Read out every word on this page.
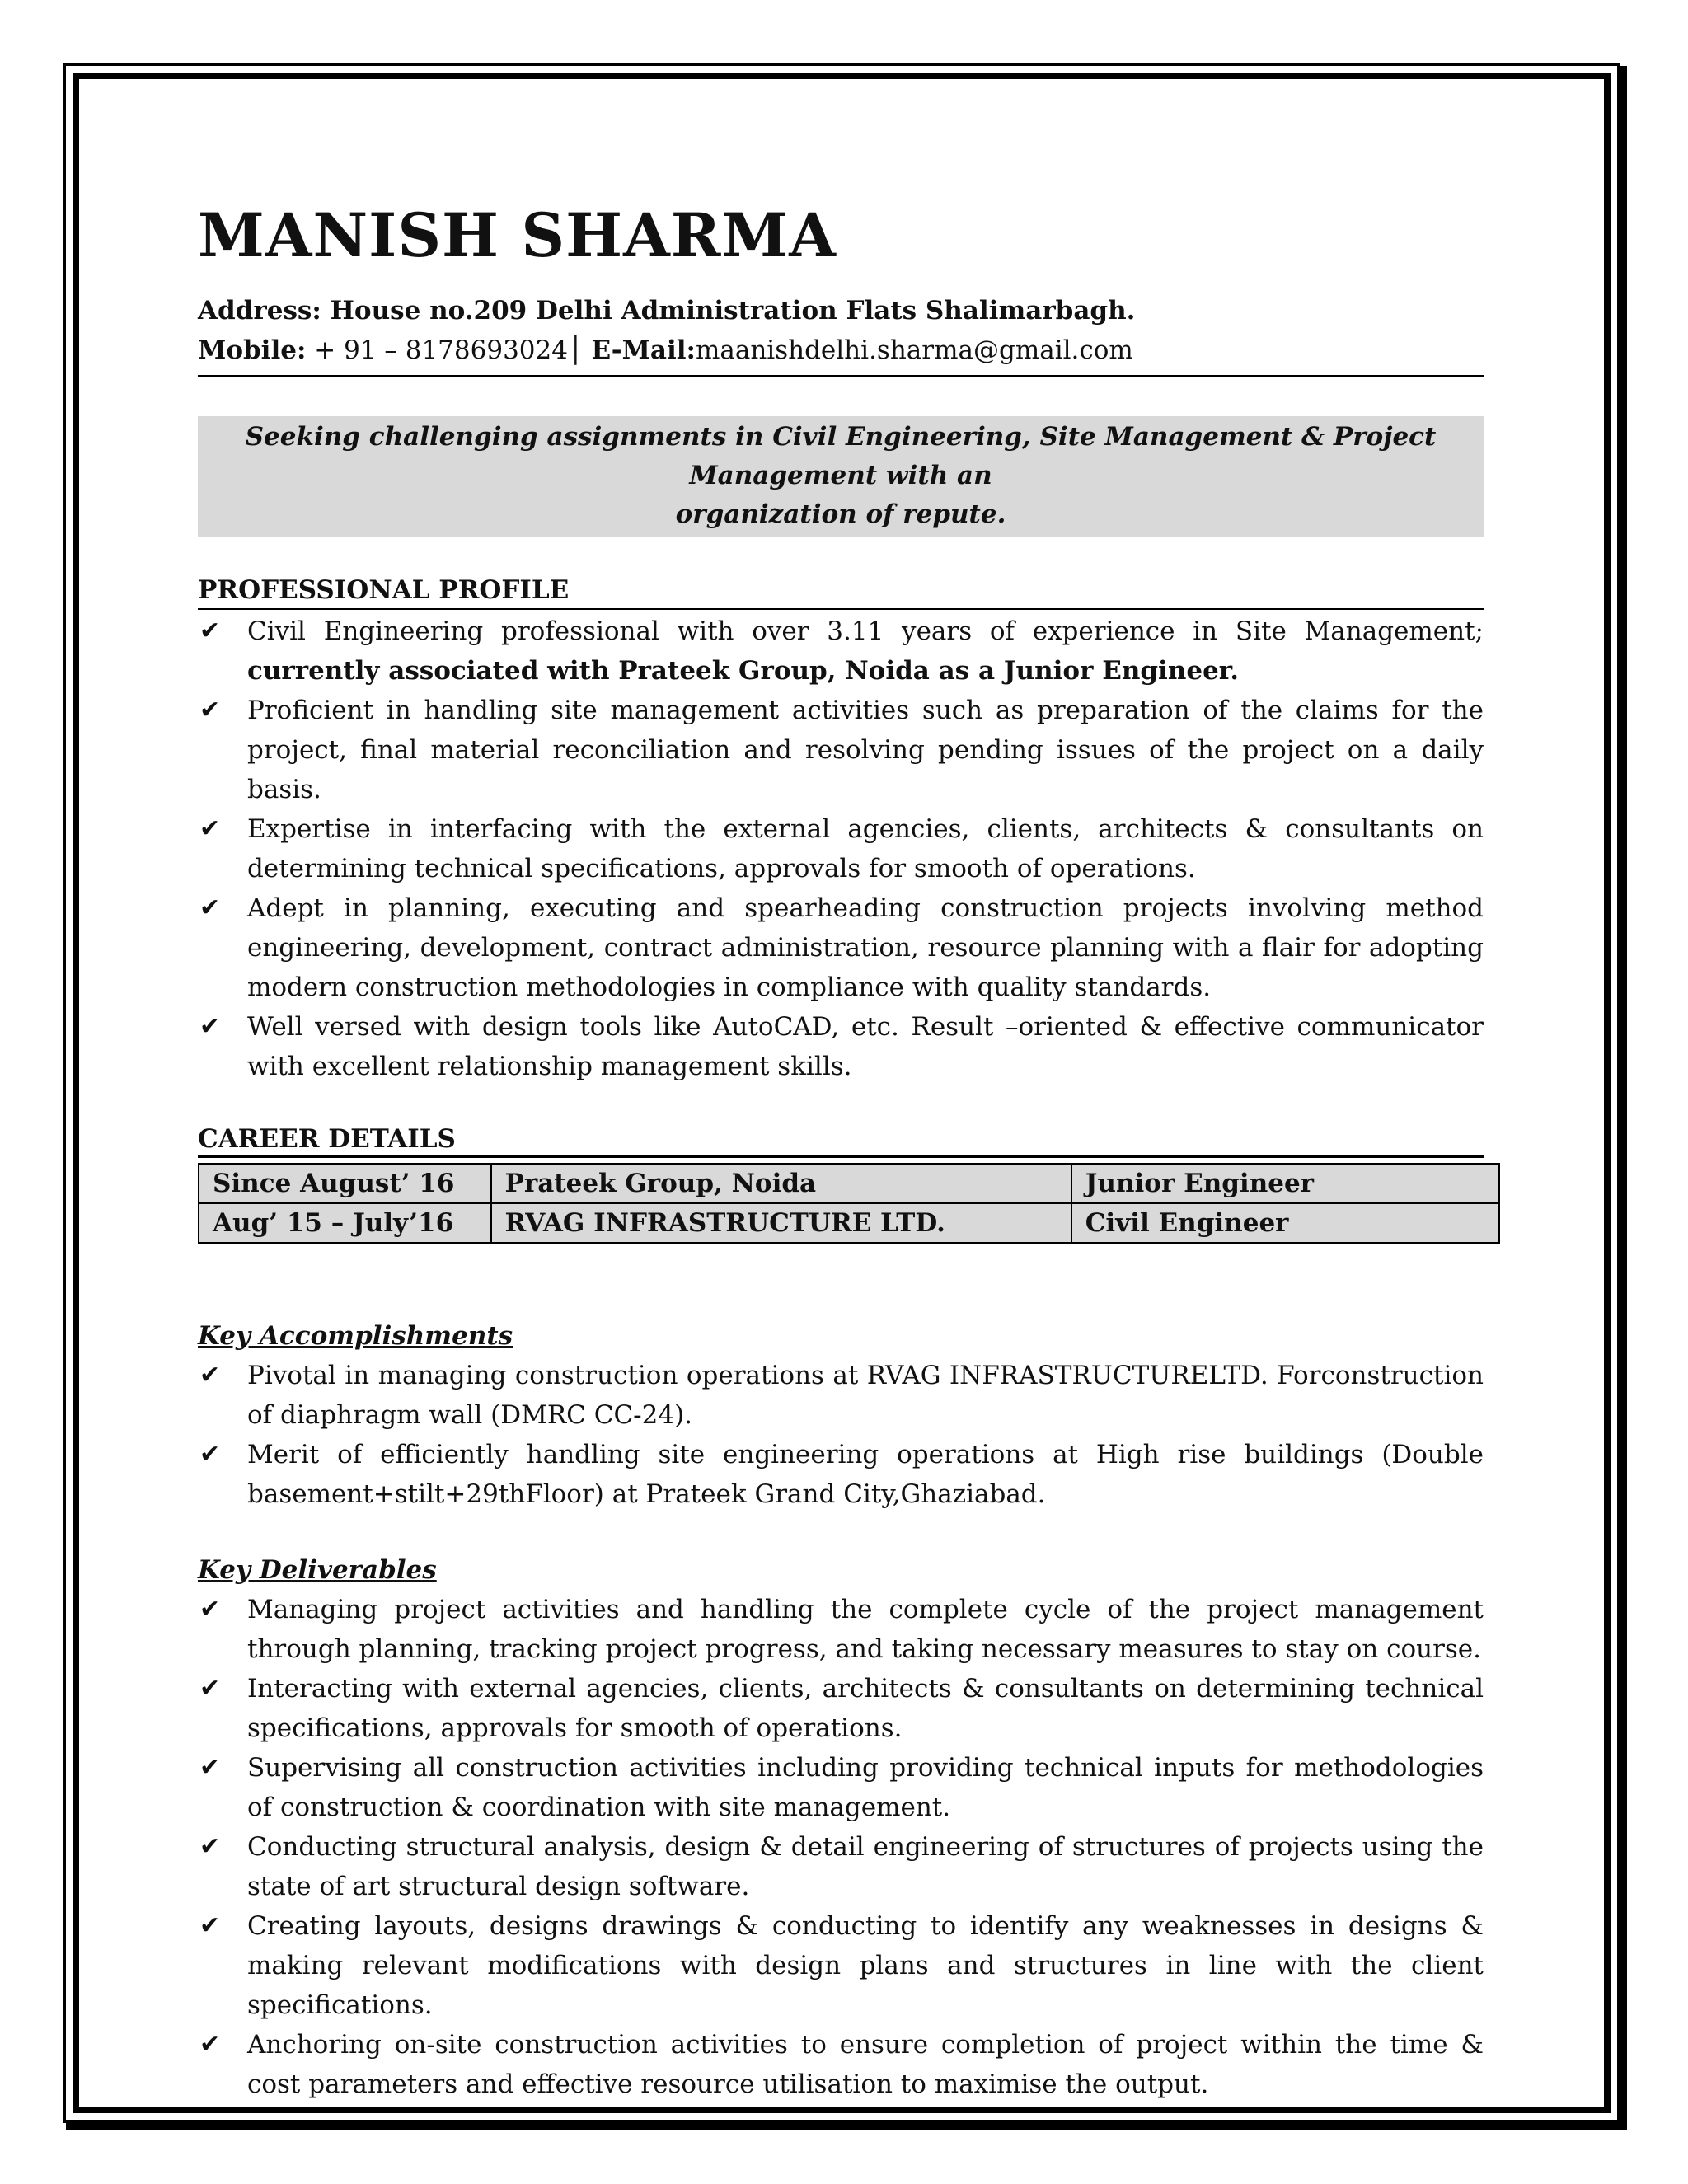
MANISH SHARMA
Address: House no.209 Delhi Administration Flats Shalimarbagh.
Mobile: + 91 – 8178693024│ E-Mail:maanishdelhi.sharma@gmail.com
Seeking challenging assignments in Civil Engineering, Site Management & Project Management with an
organization of repute.
PROFESSIONAL PROFILE
✔ Civil Engineering professional with over 3.11 years of experience in Site Management; currently associated with Prateek Group, Noida as a Junior Engineer.
✔ Proficient in handling site management activities such as preparation of the claims for the project, final material reconciliation and resolving pending issues of the project on a daily basis.
✔ Expertise in interfacing with the external agencies, clients, architects & consultants on determining technical specifications, approvals for smooth of operations.
✔ Adept in planning, executing and spearheading construction projects involving method engineering, development, contract administration, resource planning with a flair for adopting modern construction methodologies in compliance with quality standards.
✔ Well versed with design tools like AutoCAD, etc. Result –oriented & effective communicator with excellent relationship management skills.
CAREER DETAILS
Since August’ 16	Prateek Group, Noida	Junior Engineer
Aug’ 15 – July’16	RVAG INFRASTRUCTURE LTD.	Civil Engineer
Key Accomplishments
✔ Pivotal in managing construction operations at RVAG INFRASTRUCTURELTD. Forconstruction of diaphragm wall (DMRC CC-24).
✔ Merit of efficiently handling site engineering operations at High rise buildings (Double basement+stilt+29thFloor) at Prateek Grand City,Ghaziabad.
Key Deliverables
✔ Managing project activities and handling the complete cycle of the project management through planning, tracking project progress, and taking necessary measures to stay on course.
✔ Interacting with external agencies, clients, architects & consultants on determining technical specifications, approvals for smooth of operations.
✔ Supervising all construction activities including providing technical inputs for methodologies of construction & coordination with site management.
✔ Conducting structural analysis, design & detail engineering of structures of projects using the state of art structural design software.
✔ Creating layouts, designs drawings & conducting to identify any weaknesses in designs & making relevant modifications with design plans and structures in line with the client specifications.
✔ Anchoring on-site construction activities to ensure completion of project within the time & cost parameters and effective resource utilisation to maximise the output.
